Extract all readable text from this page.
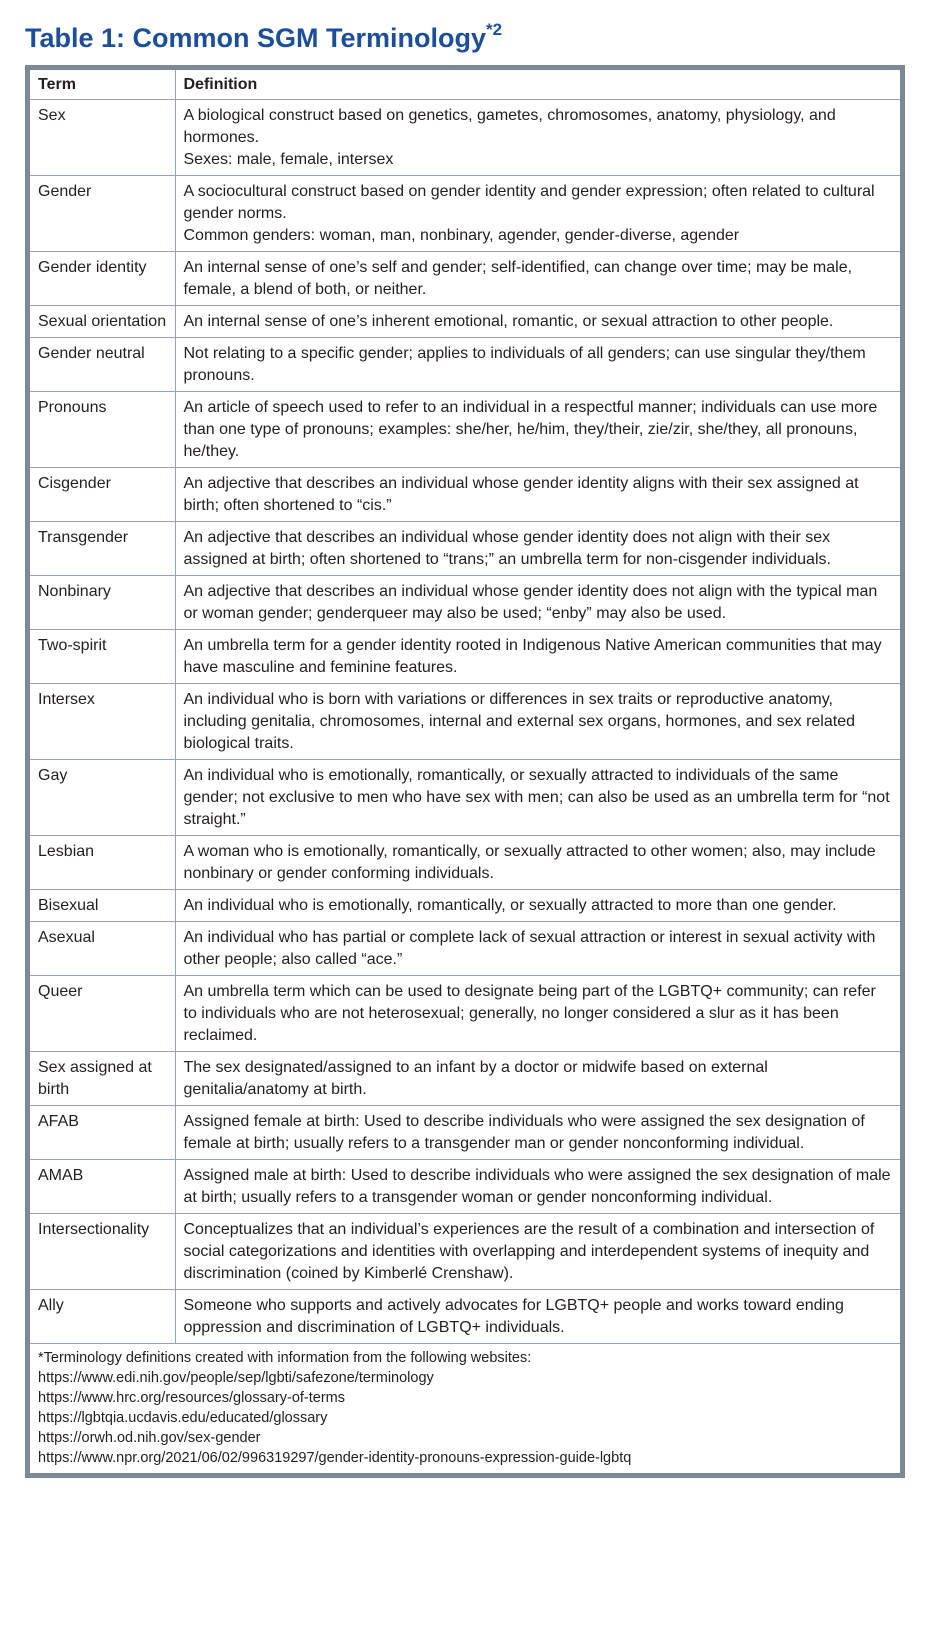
Table 1: Common SGM Terminology$^{*2}$
Term	Definition
Sex	A biological construct based on genetics, gametes, chromosomes, anatomy, physiology, and hormones.
Sexes: male, female, intersex

Gender	A sociocultural construct based on gender identity and gender expression; often related to cultural gender norms.
Common genders: woman, man, nonbinary, agender, gender-diverse, agender

Gender identity	An internal sense of one’s self and gender; self-identified, can change over time; may be male, female, a blend of both, or neither.

Sexual orientation	An internal sense of one’s inherent emotional, romantic, or sexual attraction to other people.

Gender neutral	Not relating to a specific gender; applies to individuals of all genders; can use singular they/them pronouns.

Pronouns	An article of speech used to refer to an individual in a respectful manner; individuals can use more than one type of pronouns; examples: she/her, he/him, they/their, zie/zir, she/they, all pronouns, he/they.

Cisgender	An adjective that describes an individual whose gender identity aligns with their sex assigned at birth; often shortened to “cis.”

Transgender	An adjective that describes an individual whose gender identity does not align with their sex assigned at birth; often shortened to “trans;” an umbrella term for non-cisgender individuals.

Nonbinary	An adjective that describes an individual whose gender identity does not align with the typical man or woman gender; genderqueer may also be used; “enby” may also be used.

Two-spirit	An umbrella term for a gender identity rooted in Indigenous Native American communities that may have masculine and feminine features.

Intersex	An individual who is born with variations or differences in sex traits or reproductive anatomy, including genitalia, chromosomes, internal and external sex organs, hormones, and sex related biological traits.

Gay	An individual who is emotionally, romantically, or sexually attracted to individuals of the same gender; not exclusive to men who have sex with men; can also be used as an umbrella term for “not straight.”

Lesbian	A woman who is emotionally, romantically, or sexually attracted to other women; also, may include nonbinary or gender conforming individuals.

Bisexual	An individual who is emotionally, romantically, or sexually attracted to more than one gender.

Asexual	An individual who has partial or complete lack of sexual attraction or interest in sexual activity with other people; also called “ace.”

Queer	An umbrella term which can be used to designate being part of the LGBTQ+ community; can refer to individuals who are not heterosexual; generally, no longer considered a slur as it has been reclaimed.

Sex assigned at birth	The sex designated/assigned to an infant by a doctor or midwife based on external genitalia/anatomy at birth.

AFAB	Assigned female at birth: Used to describe individuals who were assigned the sex designation of female at birth; usually refers to a transgender man or gender nonconforming individual.

AMAB	Assigned male at birth: Used to describe individuals who were assigned the sex designation of male at birth; usually refers to a transgender woman or gender nonconforming individual.

Intersectionality	Conceptualizes that an individual’s experiences are the result of a combination and intersection of social categorizations and identities with overlapping and interdependent systems of inequity and discrimination (coined by Kimberlé Crenshaw).

Ally	Someone who supports and actively advocates for LGBTQ+ people and works toward ending oppression and discrimination of LGBTQ+ individuals.
*Terminology definitions created with information from the following websites:
https://www.edi.nih.gov/people/sep/lgbti/safezone/terminology
https://www.hrc.org/resources/glossary-of-terms
https://lgbtqia.ucdavis.edu/educated/glossary
https://orwh.od.nih.gov/sex-gender
https://www.npr.org/2021/06/02/996319297/gender-identity-pronouns-expression-guide-lgbtq
